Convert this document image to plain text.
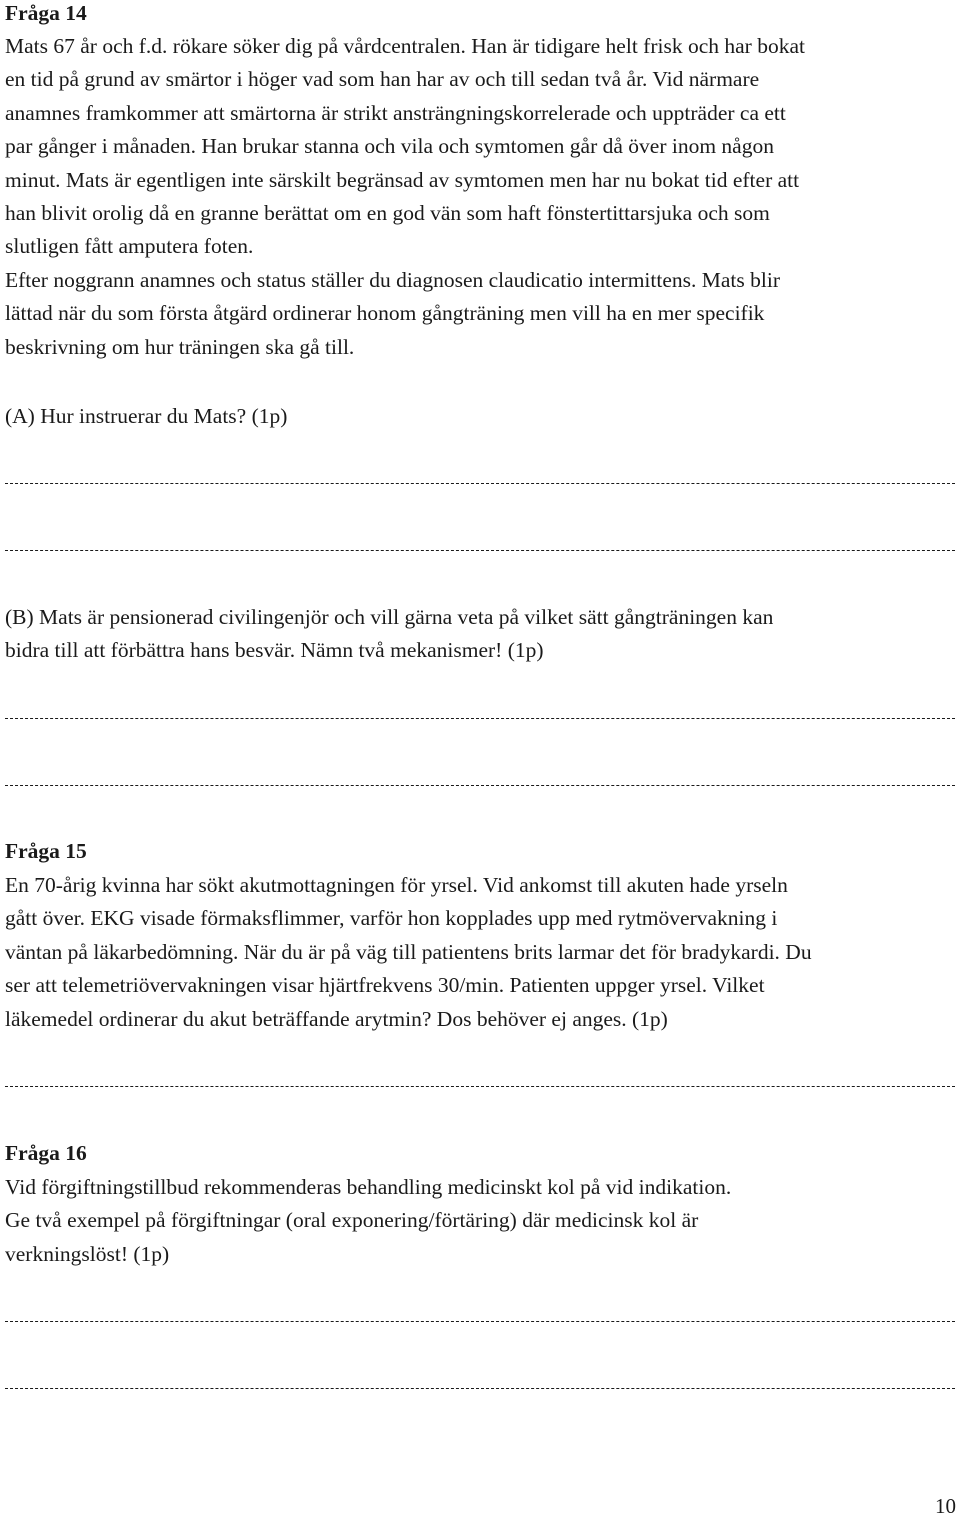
Fråga 14
Mats 67 år och f.d. rökare söker dig på vårdcentralen. Han är tidigare helt frisk och har bokat
en tid på grund av smärtor i höger vad som han har av och till sedan två år. Vid närmare
anamnes framkommer att smärtorna är strikt ansträngningskorrelerade och uppträder ca ett
par gånger i månaden. Han brukar stanna och vila och symtomen går då över inom någon
minut. Mats är egentligen inte särskilt begränsad av symtomen men har nu bokat tid efter att
han blivit orolig då en granne berättat om en god vän som haft fönstertittarsjuka och som
slutligen fått amputera foten.
Efter noggrann anamnes och status ställer du diagnosen claudicatio intermittens. Mats blir
lättad när du som första åtgärd ordinerar honom gångträning men vill ha en mer specifik
beskrivning om hur träningen ska gå till.
(A) Hur instruerar du Mats? (1p)
(B) Mats är pensionerad civilingenjör och vill gärna veta på vilket sätt gångträningen kan
bidra till att förbättra hans besvär. Nämn två mekanismer! (1p)
Fråga 15
En 70-årig kvinna har sökt akutmottagningen för yrsel. Vid ankomst till akuten hade yrseln
gått över. EKG visade förmaksflimmer, varför hon kopplades upp med rytmövervakning i
väntan på läkarbedömning. När du är på väg till patientens brits larmar det för bradykardi. Du
ser att telemetriövervakningen visar hjärtfrekvens 30/min. Patienten uppger yrsel. Vilket
läkemedel ordinerar du akut beträffande arytmin? Dos behöver ej anges. (1p)
Fråga 16
Vid förgiftningstillbud rekommenderas behandling medicinskt kol på vid indikation.
Ge två exempel på förgiftningar (oral exponering/förtäring) där medicinsk kol är
verkningslöst! (1p)
10
